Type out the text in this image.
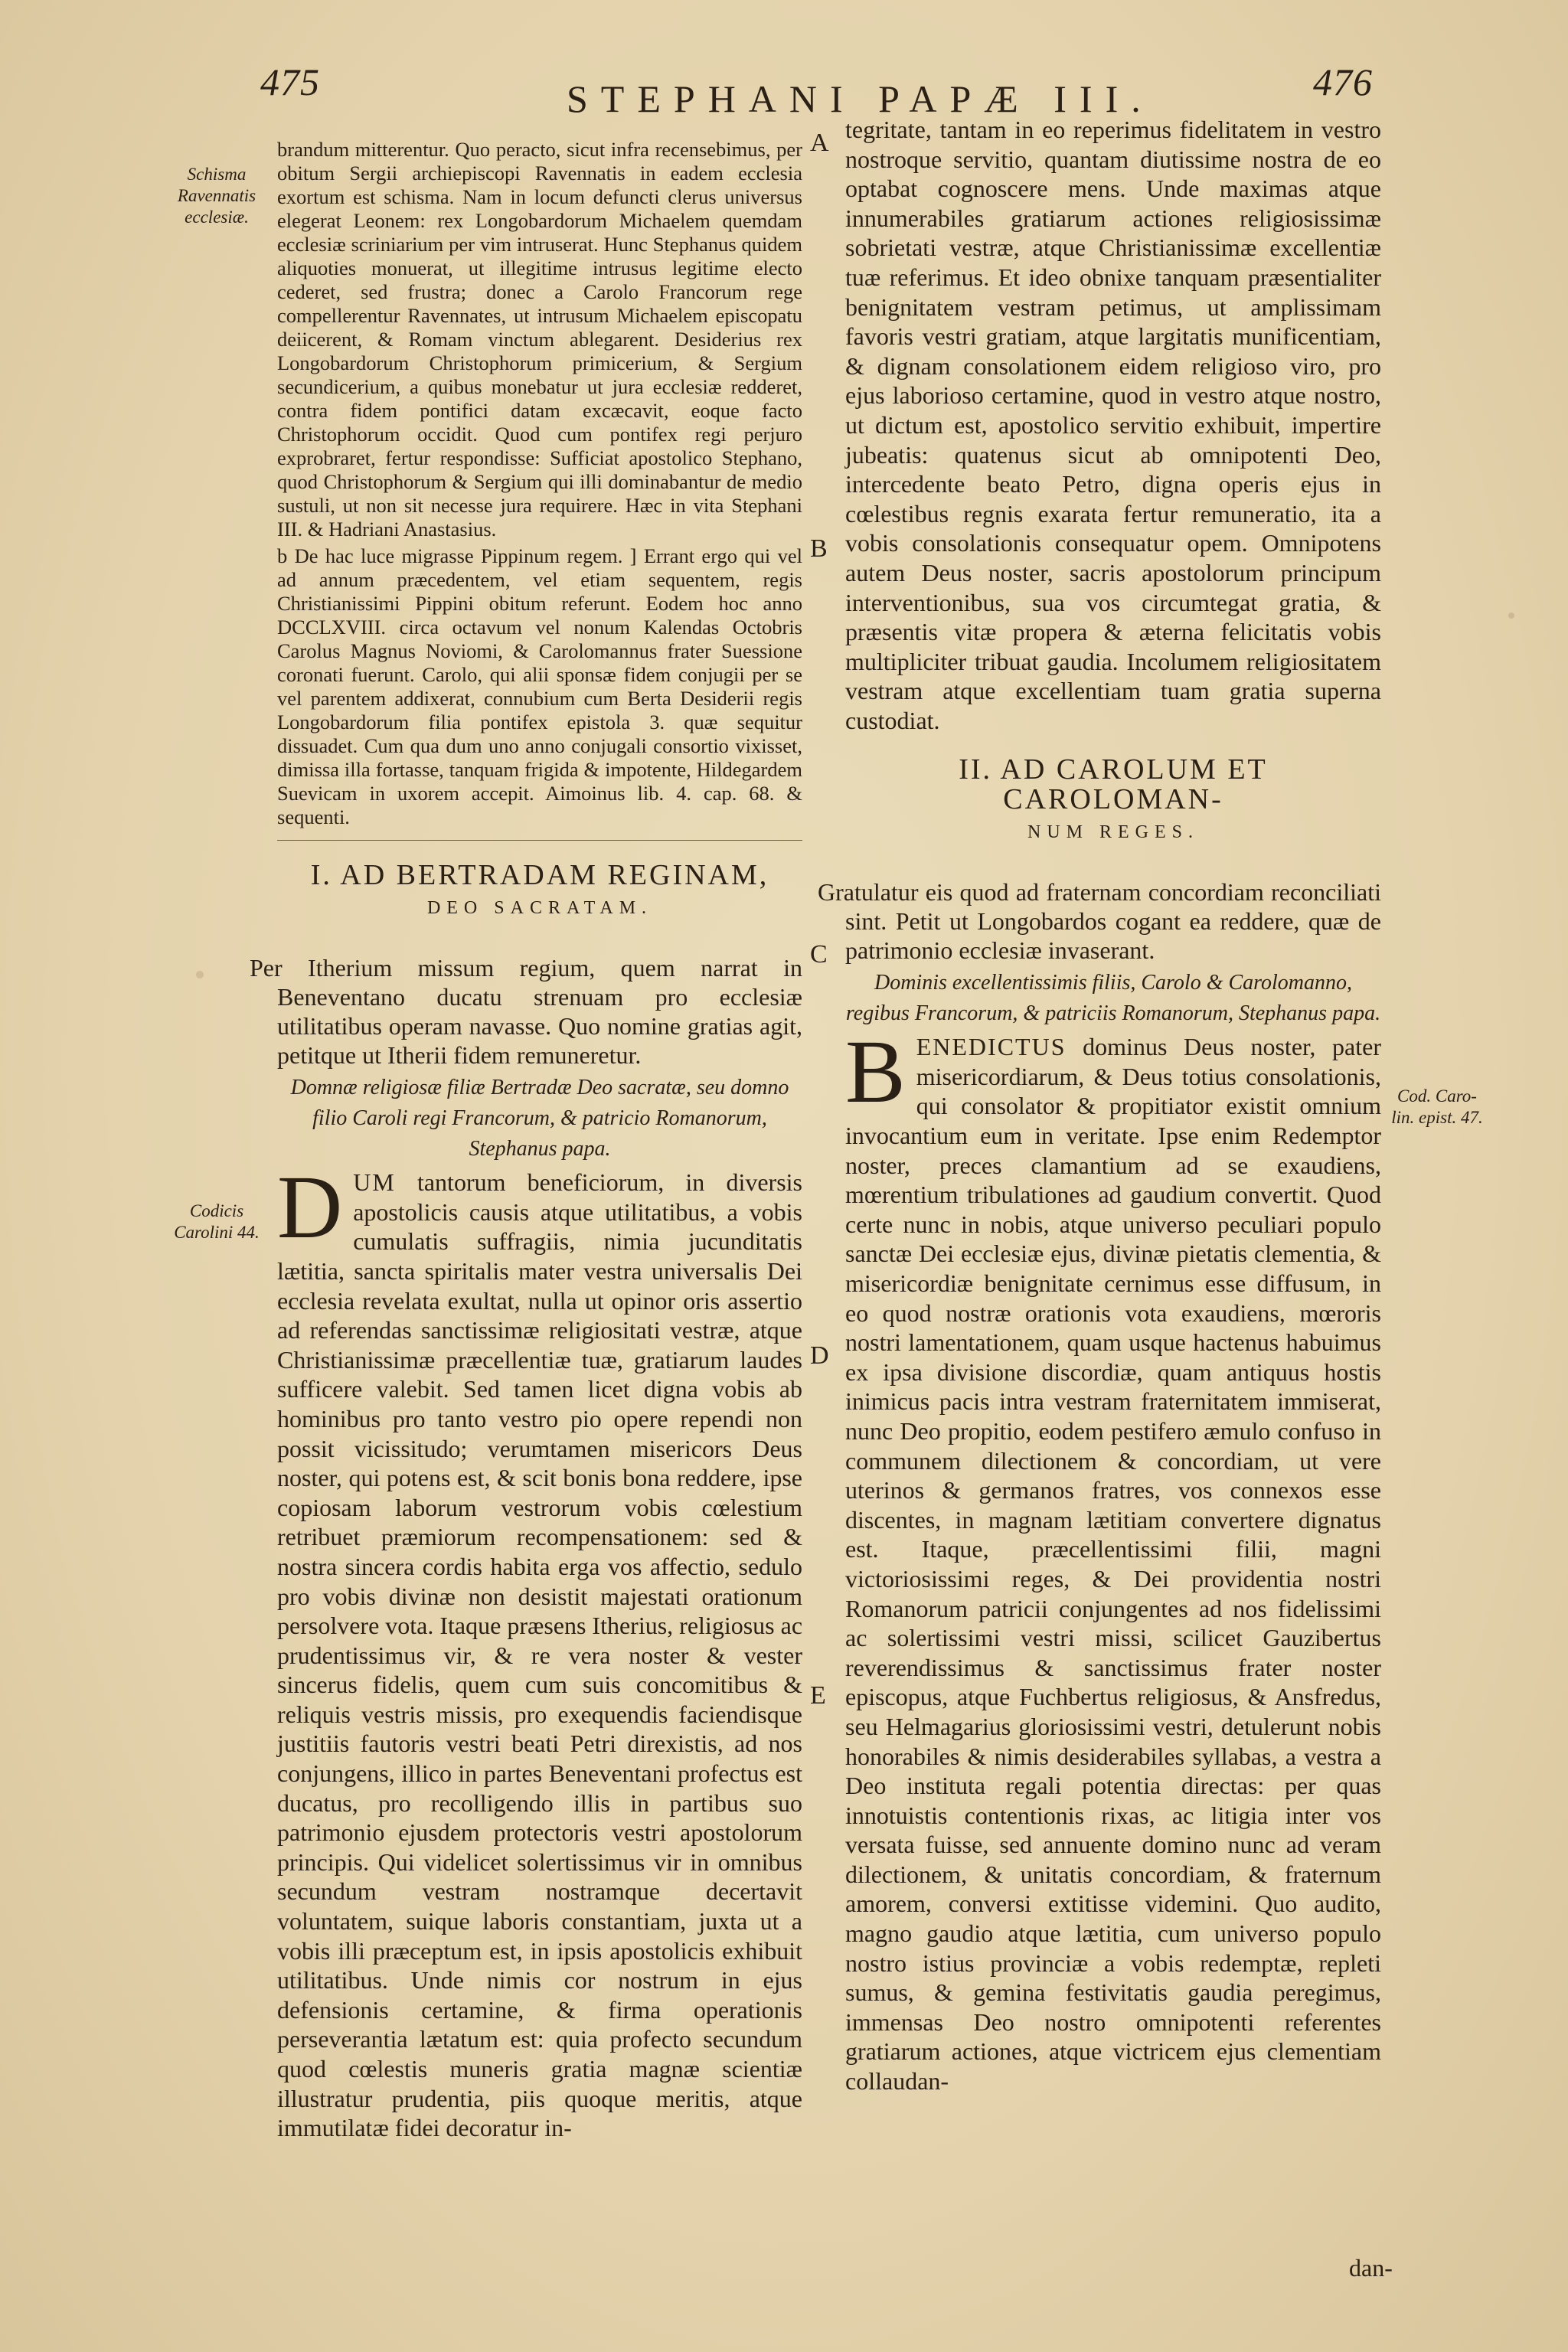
475	STEPHANI PAPÆ III.	476
Schisma Ravennatis ecclesiæ.
Codicis Carolini 44.
Cod. Caro- lin. epist. 47.
A
B
C
D
E

brandum mitterentur. Quo peracto, sicut infra recensebimus, per obitum Sergii archiepiscopi Ravennatis in eadem ecclesia exortum est schisma. Nam in locum defuncti clerus universus elegerat Leonem: rex Longobardorum Michaelem quemdam ecclesiæ scriniarium per vim intruserat. Hunc Stephanus quidem aliquoties monuerat, ut illegitime intrusus legitime electo cederet, sed frustra; donec a Carolo Francorum rege compellerentur Ravennates, ut intrusum Michaelem episcopatu deiicerent, & Romam vinctum ablegarent. Desiderius rex Longobardorum Christophorum primicerium, & Sergium secundicerium, a quibus monebatur ut jura ecclesiæ redderet, contra fidem pontifici datam excæcavit, eoque facto Christophorum occidit. Quod cum pontifex regi perjuro exprobraret, fertur respondisse: Sufficiat apostolico Stephano, quod Christophorum & Sergium qui illi dominabantur de medio sustuli, ut non sit necesse jura requirere. Hæc in vita Stephani III. & Hadriani Anastasius.

b De hac luce migrasse Pippinum regem. ] Errant ergo qui vel ad annum præcedentem, vel etiam sequentem, regis Christianissimi Pippini obitum referunt. Eodem hoc anno DCCLXVIII. circa octavum vel nonum Kalendas Octobris Carolus Magnus Noviomi, & Carolomannus frater Suessione coronati fuerunt. Carolo, qui alii sponsæ fidem conjugii per se vel parentem addixerat, connubium cum Berta Desiderii regis Longobardorum filia pontifex epistola 3. quæ sequitur dissuadet. Cum qua dum uno anno conjugali consortio vixisset, dimissa illa fortasse, tanquam frigida & impotente, Hildegardem Suevicam in uxorem accepit. Aimoinus lib. 4. cap. 68. & sequenti.

I. AD BERTRADAM REGINAM,
DEO SACRATAM.

Per Itherium missum regium, quem narrat in Beneventano ducatu strenuam pro ecclesiæ utilitatibus operam navasse. Quo nomine gratias agit, petitque ut Itherii fidem remuneretur.

Domnæ religiosæ filiæ Bertradæ Deo sacratæ, seu domno filio Caroli regi Francorum, & patricio Romanorum, Stephanus papa.

D UM tantorum beneficiorum, in diversis apostolicis causis atque utilitatibus, a vobis cumulatis suffragiis, nimia jucunditatis lætitia, sancta spiritalis mater vestra universalis Dei ecclesia revelata exultat, nulla ut opinor oris assertio ad referendas sanctissimæ religiositati vestræ, atque Christianissimæ præcellentiæ tuæ, gratiarum laudes sufficere valebit. Sed tamen licet digna vobis ab hominibus pro tanto vestro pio opere rependi non possit vicissitudo; verumtamen misericors Deus noster, qui potens est, & scit bonis bona reddere, ipse copiosam laborum vestrorum vobis cœlestium retribuet præmiorum recompensationem: sed & nostra sincera cordis habita erga vos affectio, sedulo pro vobis divinæ non desistit majestati orationum persolvere vota. Itaque præsens Itherius, religiosus ac prudentissimus vir, & re vera noster & vester sincerus fidelis, quem cum suis concomitibus & reliquis vestris missis, pro exequendis faciendisque justitiis fautoris vestri beati Petri direxistis, ad nos conjungens, illico in partes Beneventani profectus est ducatus, pro recolligendo illis in partibus suo patrimonio ejusdem protectoris vestri apostolorum principis. Qui videlicet solertissimus vir in omnibus secundum vestram nostramque decertavit voluntatem, suique laboris constantiam, juxta ut a vobis illi præceptum est, in ipsis apostolicis exhibuit utilitatibus. Unde nimis cor nostrum in ejus defensionis certamine, & firma operationis perseverantia lætatum est: quia profecto secundum quod cœlestis muneris gratia magnæ scientiæ illustratur prudentia, piis quoque meritis, atque immutilatæ fidei decoratur in-

tegritate, tantam in eo reperimus fidelitatem in vestro nostroque servitio, quantam diutissime nostra de eo optabat cognoscere mens. Unde maximas atque innumerabiles gratiarum actiones religiosissimæ sobrietati vestræ, atque Christianissimæ excellentiæ tuæ referimus. Et ideo obnixe tanquam præsentialiter benignitatem vestram petimus, ut amplissimam favoris vestri gratiam, atque largitatis munificentiam, & dignam consolationem eidem religioso viro, pro ejus laborioso certamine, quod in vestro atque nostro, ut dictum est, apostolico servitio exhibuit, impertire jubeatis: quatenus sicut ab omnipotenti Deo, intercedente beato Petro, digna operis ejus in cœlestibus regnis exarata fertur remuneratio, ita a vobis consolationis consequatur opem. Omnipotens autem Deus noster, sacris apostolorum principum interventionibus, sua vos circumtegat gratia, & præsentis vitæ propera & æterna felicitatis vobis multipliciter tribuat gaudia. Incolumem religiositatem vestram atque excellentiam tuam gratia superna custodiat.

II. AD CAROLUM ET CAROLOMAN-
NUM REGES.

Gratulatur eis quod ad fraternam concordiam reconciliati sint. Petit ut Longobardos cogant ea reddere, quæ de patrimonio ecclesiæ invaserant.

Dominis excellentissimis filiis, Carolo & Carolomanno, regibus Francorum, & patriciis Romanorum, Stephanus papa.

B ENEDICTUS dominus Deus noster, pater misericordiarum, & Deus totius consolationis, qui consolator & propitiator existit omnium invocantium eum in veritate. Ipse enim Redemptor noster, preces clamantium ad se exaudiens, mœrentium tribulationes ad gaudium convertit. Quod certe nunc in nobis, atque universo peculiari populo sanctæ Dei ecclesiæ ejus, divinæ pietatis clementia, & misericordiæ benignitate cernimus esse diffusum, in eo quod nostræ orationis vota exaudiens, mœroris nostri lamentationem, quam usque hactenus habuimus ex ipsa divisione discordiæ, quam antiquus hostis inimicus pacis intra vestram fraternitatem immiserat, nunc Deo propitio, eodem pestifero æmulo confuso in communem dilectionem & concordiam, ut vere uterinos & germanos fratres, vos connexos esse discentes, in magnam lætitiam convertere dignatus est. Itaque, præcellentissimi filii, magni victoriosissimi reges, & Dei providentia nostri Romanorum patricii conjungentes ad nos fidelissimi ac solertissimi vestri missi, scilicet Gauzibertus reverendissimus & sanctissimus frater noster episcopus, atque Fuchbertus religiosus, & Ansfredus, seu Helmagarius gloriosissimi vestri, detulerunt nobis honorabiles & nimis desiderabiles syllabas, a vestra a Deo instituta regali potentia directas: per quas innotuistis contentionis rixas, ac litigia inter vos versata fuisse, sed annuente domino nunc ad veram dilectionem, & unitatis concordiam, & fraternum amorem, conversi extitisse videmini. Quo audito, magno gaudio atque lætitia, cum universo populo nostro istius provinciæ a vobis redemptæ, repleti sumus, & gemina festivitatis gaudia peregimus, immensas Deo nostro omnipotenti referentes gratiarum actiones, atque victricem ejus clementiam collaudan-

dan-
